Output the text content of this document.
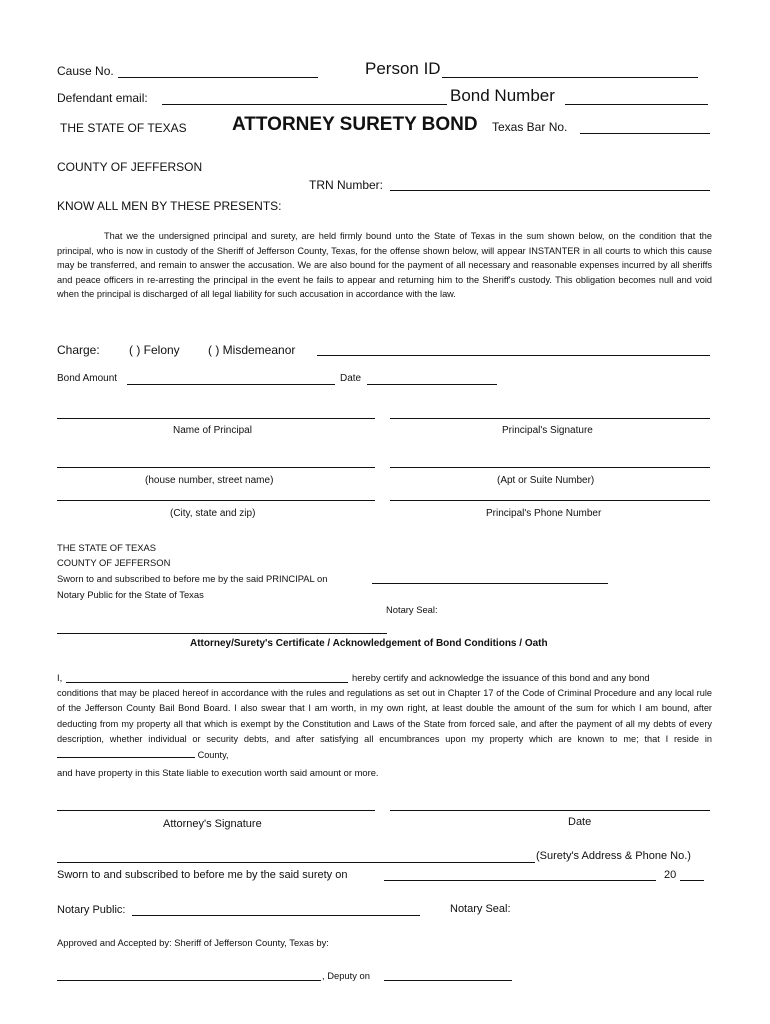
Cause No.	Person ID
Defendant email:	Bond Number
THE STATE OF TEXAS ATTORNEY SURETY BOND Texas Bar No.
COUNTY OF JEFFERSON
TRN Number:
KNOW ALL MEN BY THESE PRESENTS:
That we the undersigned principal and surety, are held firmly bound unto the State of Texas in the sum shown below, on the condition that the principal, who is now in custody of the Sheriff of Jefferson County, Texas, for the offense shown below, will appear INSTANTER in all courts to which this cause may be transferred, and remain to answer the accusation. We are also bound for the payment of all necessary and reasonable expenses incurred by all sheriffs and peace officers in re-arresting the principal in the event he fails to appear and returning him to the Sheriff's custody. This obligation becomes null and void when the principal is discharged of all legal liability for such accusation in accordance with the law.
Charge: ( ) Felony ( ) Misdemeanor
Bond Amount	Date
Name of Principal	Principal's Signature
(house number, street name)	(Apt or Suite Number)
(City, state and zip)	Principal's Phone Number
THE STATE OF TEXAS
COUNTY OF JEFFERSON
Sworn to and subscribed to before me by the said PRINCIPAL on
Notary Public for the State of Texas
Notary Seal:
Attorney/Surety's Certificate / Acknowledgement of Bond Conditions / Oath
I,	hereby certify and acknowledge the issuance of this bond and any bond
conditions that may be placed hereof in accordance with the rules and regulations as set out in Chapter 17 of the Code of Criminal Procedure and any local rule of the Jefferson County Bail Bond Board. I also swear that I am worth, in my own right, at least double the amount of the sum for which I am bound, after deducting from my property all that which is exempt by the Constitution and Laws of the State from forced sale, and after the payment of all my debts of every description, whether individual or security debts, and after satisfying all encumbrances upon my property which are known to me; that I reside in  County,
and have property in this State liable to execution worth said amount or more.
Attorney's Signature	Date
(Surety's Address & Phone No.)
Sworn to and subscribed to before me by the said surety on	20
Notary Public:	Notary Seal:
Approved and Accepted by: Sheriff of Jefferson County, Texas by:
, Deputy on
